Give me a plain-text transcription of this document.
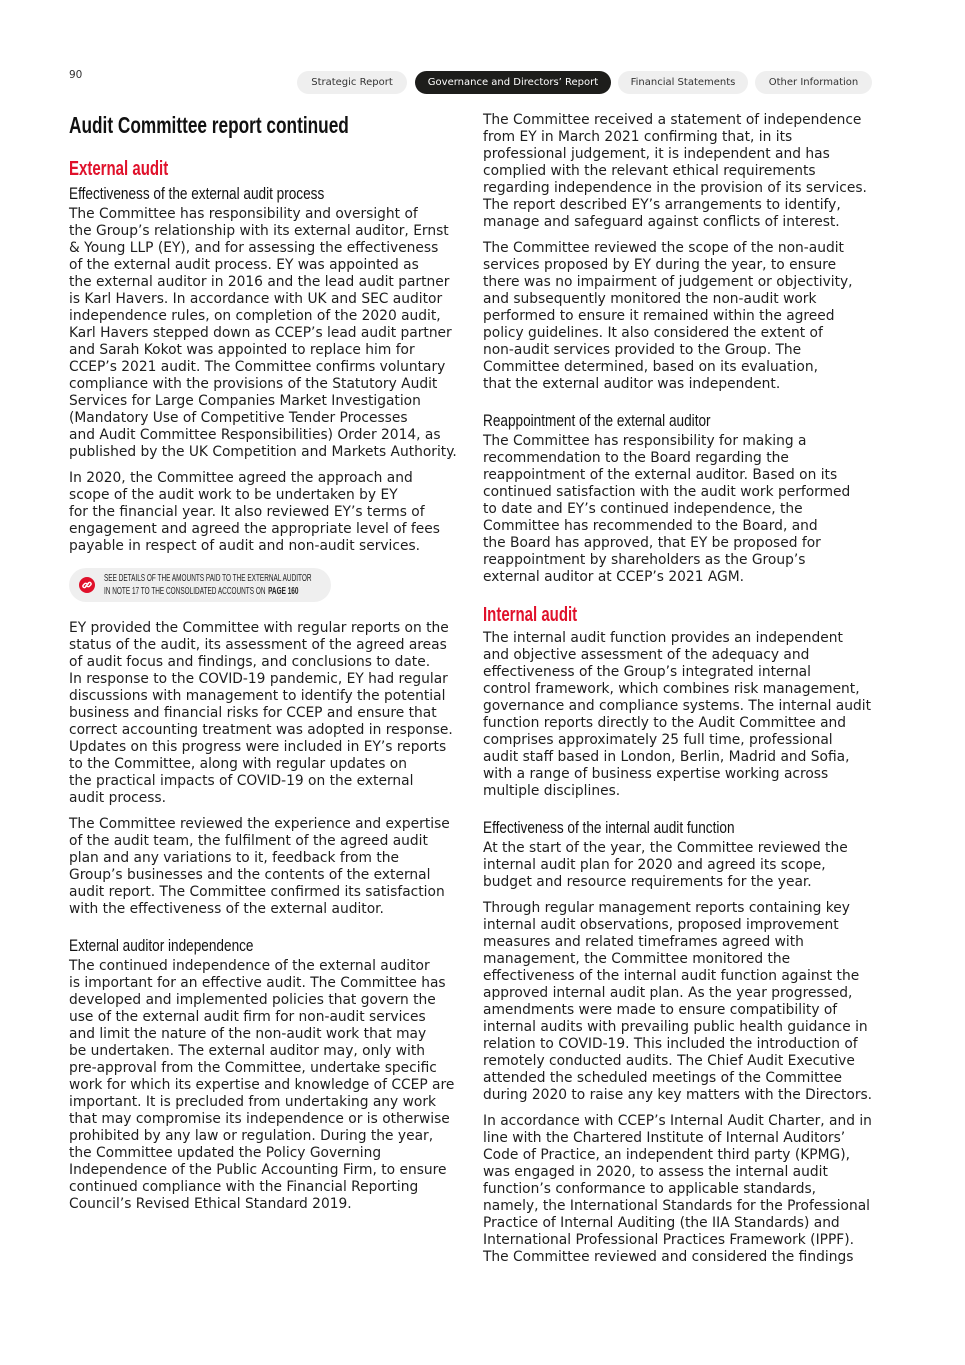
90
Strategic Report	Governance and Directors’ Report	Financial Statements	Other Information
Audit Committee report continued
External audit
Effectiveness of the external audit process

The Committee has responsibility and oversight of
the Group’s relationship with its external auditor, Ernst
& Young LLP (EY), and for assessing the effectiveness
of the external audit process. EY was appointed as
the external auditor in 2016 and the lead audit partner
is Karl Havers. In accordance with UK and SEC auditor
independence rules, on completion of the 2020 audit,
Karl Havers stepped down as CCEP’s lead audit partner
and Sarah Kokot was appointed to replace him for
CCEP’s 2021 audit. The Committee confirms voluntary
compliance with the provisions of the Statutory Audit
Services for Large Companies Market Investigation
(Mandatory Use of Competitive Tender Processes
and Audit Committee Responsibilities) Order 2014, as
published by the UK Competition and Markets Authority.

In 2020, the Committee agreed the approach and
scope of the audit work to be undertaken by EY
for the financial year. It also reviewed EY’s terms of
engagement and agreed the appropriate level of fees
payable in respect of audit and non-audit services.

SEE DETAILS OF THE AMOUNTS PAID TO THE EXTERNAL AUDITOR
IN NOTE 17 TO THE CONSOLIDATED ACCOUNTS ON PAGE 160

EY provided the Committee with regular reports on the
status of the audit, its assessment of the agreed areas
of audit focus and findings, and conclusions to date.
In response to the COVID-19 pandemic, EY had regular
discussions with management to identify the potential
business and financial risks for CCEP and ensure that
correct accounting treatment was adopted in response.
Updates on this progress were included in EY’s reports
to the Committee, along with regular updates on
the practical impacts of COVID-19 on the external
audit process.

The Committee reviewed the experience and expertise
of the audit team, the fulfilment of the agreed audit
plan and any variations to it, feedback from the
Group’s businesses and the contents of the external
audit report. The Committee confirmed its satisfaction
with the effectiveness of the external auditor.

External auditor independence

The continued independence of the external auditor
is important for an effective audit. The Committee has
developed and implemented policies that govern the
use of the external audit firm for non-audit services
and limit the nature of the non-audit work that may
be undertaken. The external auditor may, only with
pre-approval from the Committee, undertake specific
work for which its expertise and knowledge of CCEP are
important. It is precluded from undertaking any work
that may compromise its independence or is otherwise
prohibited by any law or regulation. During the year,
the Committee updated the Policy Governing
Independence of the Public Accounting Firm, to ensure
continued compliance with the Financial Reporting
Council’s Revised Ethical Standard 2019.

The Committee received a statement of independence
from EY in March 2021 confirming that, in its
professional judgement, it is independent and has
complied with the relevant ethical requirements
regarding independence in the provision of its services.
The report described EY’s arrangements to identify,
manage and safeguard against conflicts of interest.

The Committee reviewed the scope of the non-audit
services proposed by EY during the year, to ensure
there was no impairment of judgement or objectivity,
and subsequently monitored the non-audit work
performed to ensure it remained within the agreed
policy guidelines. It also considered the extent of
non-audit services provided to the Group. The
Committee determined, based on its evaluation,
that the external auditor was independent.

Reappointment of the external auditor

The Committee has responsibility for making a
recommendation to the Board regarding the
reappointment of the external auditor. Based on its
continued satisfaction with the audit work performed
to date and EY’s continued independence, the
Committee has recommended to the Board, and
the Board has approved, that EY be proposed for
reappointment by shareholders as the Group’s
external auditor at CCEP’s 2021 AGM.

Internal audit

The internal audit function provides an independent
and objective assessment of the adequacy and
effectiveness of the Group’s integrated internal
control framework, which combines risk management,
governance and compliance systems. The internal audit
function reports directly to the Audit Committee and
comprises approximately 25 full time, professional
audit staff based in London, Berlin, Madrid and Sofia,
with a range of business expertise working across
multiple disciplines.

Effectiveness of the internal audit function

At the start of the year, the Committee reviewed the
internal audit plan for 2020 and agreed its scope,
budget and resource requirements for the year.

Through regular management reports containing key
internal audit observations, proposed improvement
measures and related timeframes agreed with
management, the Committee monitored the
effectiveness of the internal audit function against the
approved internal audit plan. As the year progressed,
amendments were made to ensure compatibility of
internal audits with prevailing public health guidance in
relation to COVID-19. This included the introduction of
remotely conducted audits. The Chief Audit Executive
attended the scheduled meetings of the Committee
during 2020 to raise any key matters with the Directors.

In accordance with CCEP’s Internal Audit Charter, and in
line with the Chartered Institute of Internal Auditors’
Code of Practice, an independent third party (KPMG),
was engaged in 2020, to assess the internal audit
function’s conformance to applicable standards,
namely, the International Standards for the Professional
Practice of Internal Auditing (the IIA Standards) and
International Professional Practices Framework (IPPF).
The Committee reviewed and considered the findings
